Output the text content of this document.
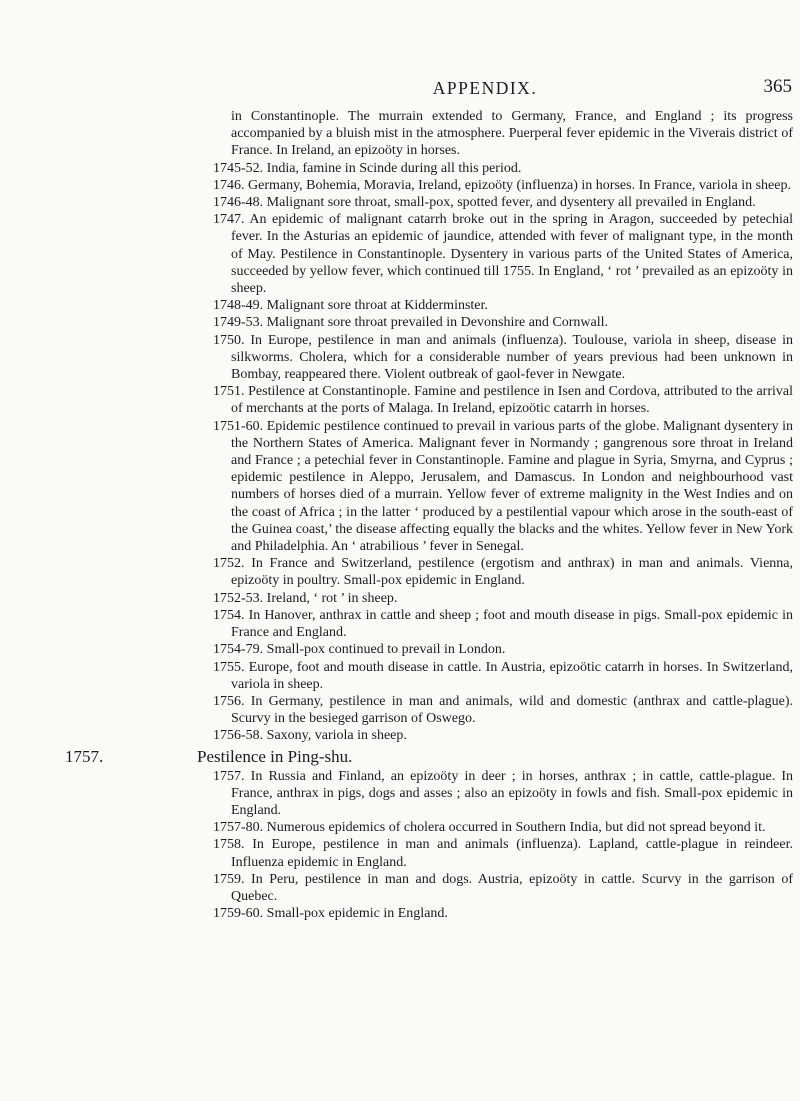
APPENDIX.	365

in Constantinople. The murrain extended to Germany, France, and England ; its progress accompanied by a bluish mist in the atmosphere. Puerperal fever epidemic in the Viverais district of France. In Ireland, an epizoöty in horses.

1745-52. India, famine in Scinde during all this period.

1746. Germany, Bohemia, Moravia, Ireland, epizoöty (influenza) in horses. In France, variola in sheep.

1746-48. Malignant sore throat, small-pox, spotted fever, and dysentery all prevailed in England.

1747. An epidemic of malignant catarrh broke out in the spring in Aragon, succeeded by petechial fever. In the Asturias an epidemic of jaundice, attended with fever of malignant type, in the month of May. Pestilence in Constantinople. Dysentery in various parts of the United States of America, succeeded by yellow fever, which continued till 1755. In England, ‘ rot ’ prevailed as an epizoöty in sheep.

1748-49. Malignant sore throat at Kidderminster.

1749-53. Malignant sore throat prevailed in Devonshire and Cornwall.

1750. In Europe, pestilence in man and animals (influenza). Toulouse, variola in sheep, disease in silkworms. Cholera, which for a considerable number of years previous had been unknown in Bombay, reappeared there. Violent outbreak of gaol-fever in Newgate.

1751. Pestilence at Constantinople. Famine and pestilence in Isen and Cordova, attributed to the arrival of merchants at the ports of Malaga. In Ireland, epizoötic catarrh in horses.

1751-60. Epidemic pestilence continued to prevail in various parts of the globe. Malignant dysentery in the Northern States of America. Malignant fever in Normandy ; gangrenous sore throat in Ireland and France ; a petechial fever in Constantinople. Famine and plague in Syria, Smyrna, and Cyprus ; epidemic pestilence in Aleppo, Jerusalem, and Damascus. In London and neighbourhood vast numbers of horses died of a murrain. Yellow fever of extreme malignity in the West Indies and on the coast of Africa ; in the latter ‘ produced by a pestilential vapour which arose in the south-east of the Guinea coast,’ the disease affecting equally the blacks and the whites. Yellow fever in New York and Philadelphia. An ‘ atrabilious ’ fever in Senegal.

1752. In France and Switzerland, pestilence (ergotism and anthrax) in man and animals. Vienna, epizoöty in poultry. Small-pox epidemic in England.

1752-53. Ireland, ‘ rot ’ in sheep.

1754. In Hanover, anthrax in cattle and sheep ; foot and mouth disease in pigs. Small-pox epidemic in France and England.

1754-79. Small-pox continued to prevail in London.

1755. Europe, foot and mouth disease in cattle. In Austria, epizoötic catarrh in horses. In Switzerland, variola in sheep.

1756. In Germany, pestilence in man and animals, wild and domestic (anthrax and cattle-plague). Scurvy in the besieged garrison of Oswego.

1756-58. Saxony, variola in sheep.

1757.	Pestilence in Ping-shu.

1757. In Russia and Finland, an epizoöty in deer ; in horses, anthrax ; in cattle, cattle-plague. In France, anthrax in pigs, dogs and asses ; also an epizoöty in fowls and fish. Small-pox epidemic in England.

1757-80. Numerous epidemics of cholera occurred in Southern India, but did not spread beyond it.

1758. In Europe, pestilence in man and animals (influenza). Lapland, cattle-plague in reindeer. Influenza epidemic in England.

1759. In Peru, pestilence in man and dogs. Austria, epizoöty in cattle. Scurvy in the garrison of Quebec.

1759-60. Small-pox epidemic in England.
